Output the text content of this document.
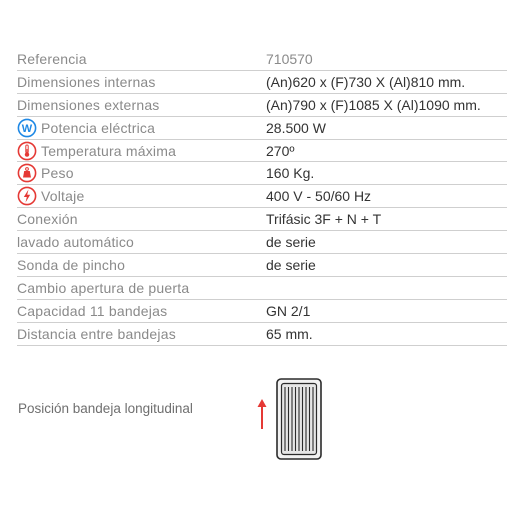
Referencia	710570
Dimensiones internas	(An)620 x (F)730 X (Al)810 mm.
Dimensiones externas	(An)790 x (F)1085 X (Al)1090 mm.
W Potencia eléctrica	28.500 W
Temperatura máxima	270º
Peso	160 Kg.
Voltaje	400 V - 50/60 Hz
Conexión	Trifásic 3F + N + T
lavado automático	de serie
Sonda de pincho	de serie
Cambio apertura de puerta
Capacidad 11 bandejas	GN 2/1
Distancia entre bandejas	65 mm.
Posición bandeja longitudinal
